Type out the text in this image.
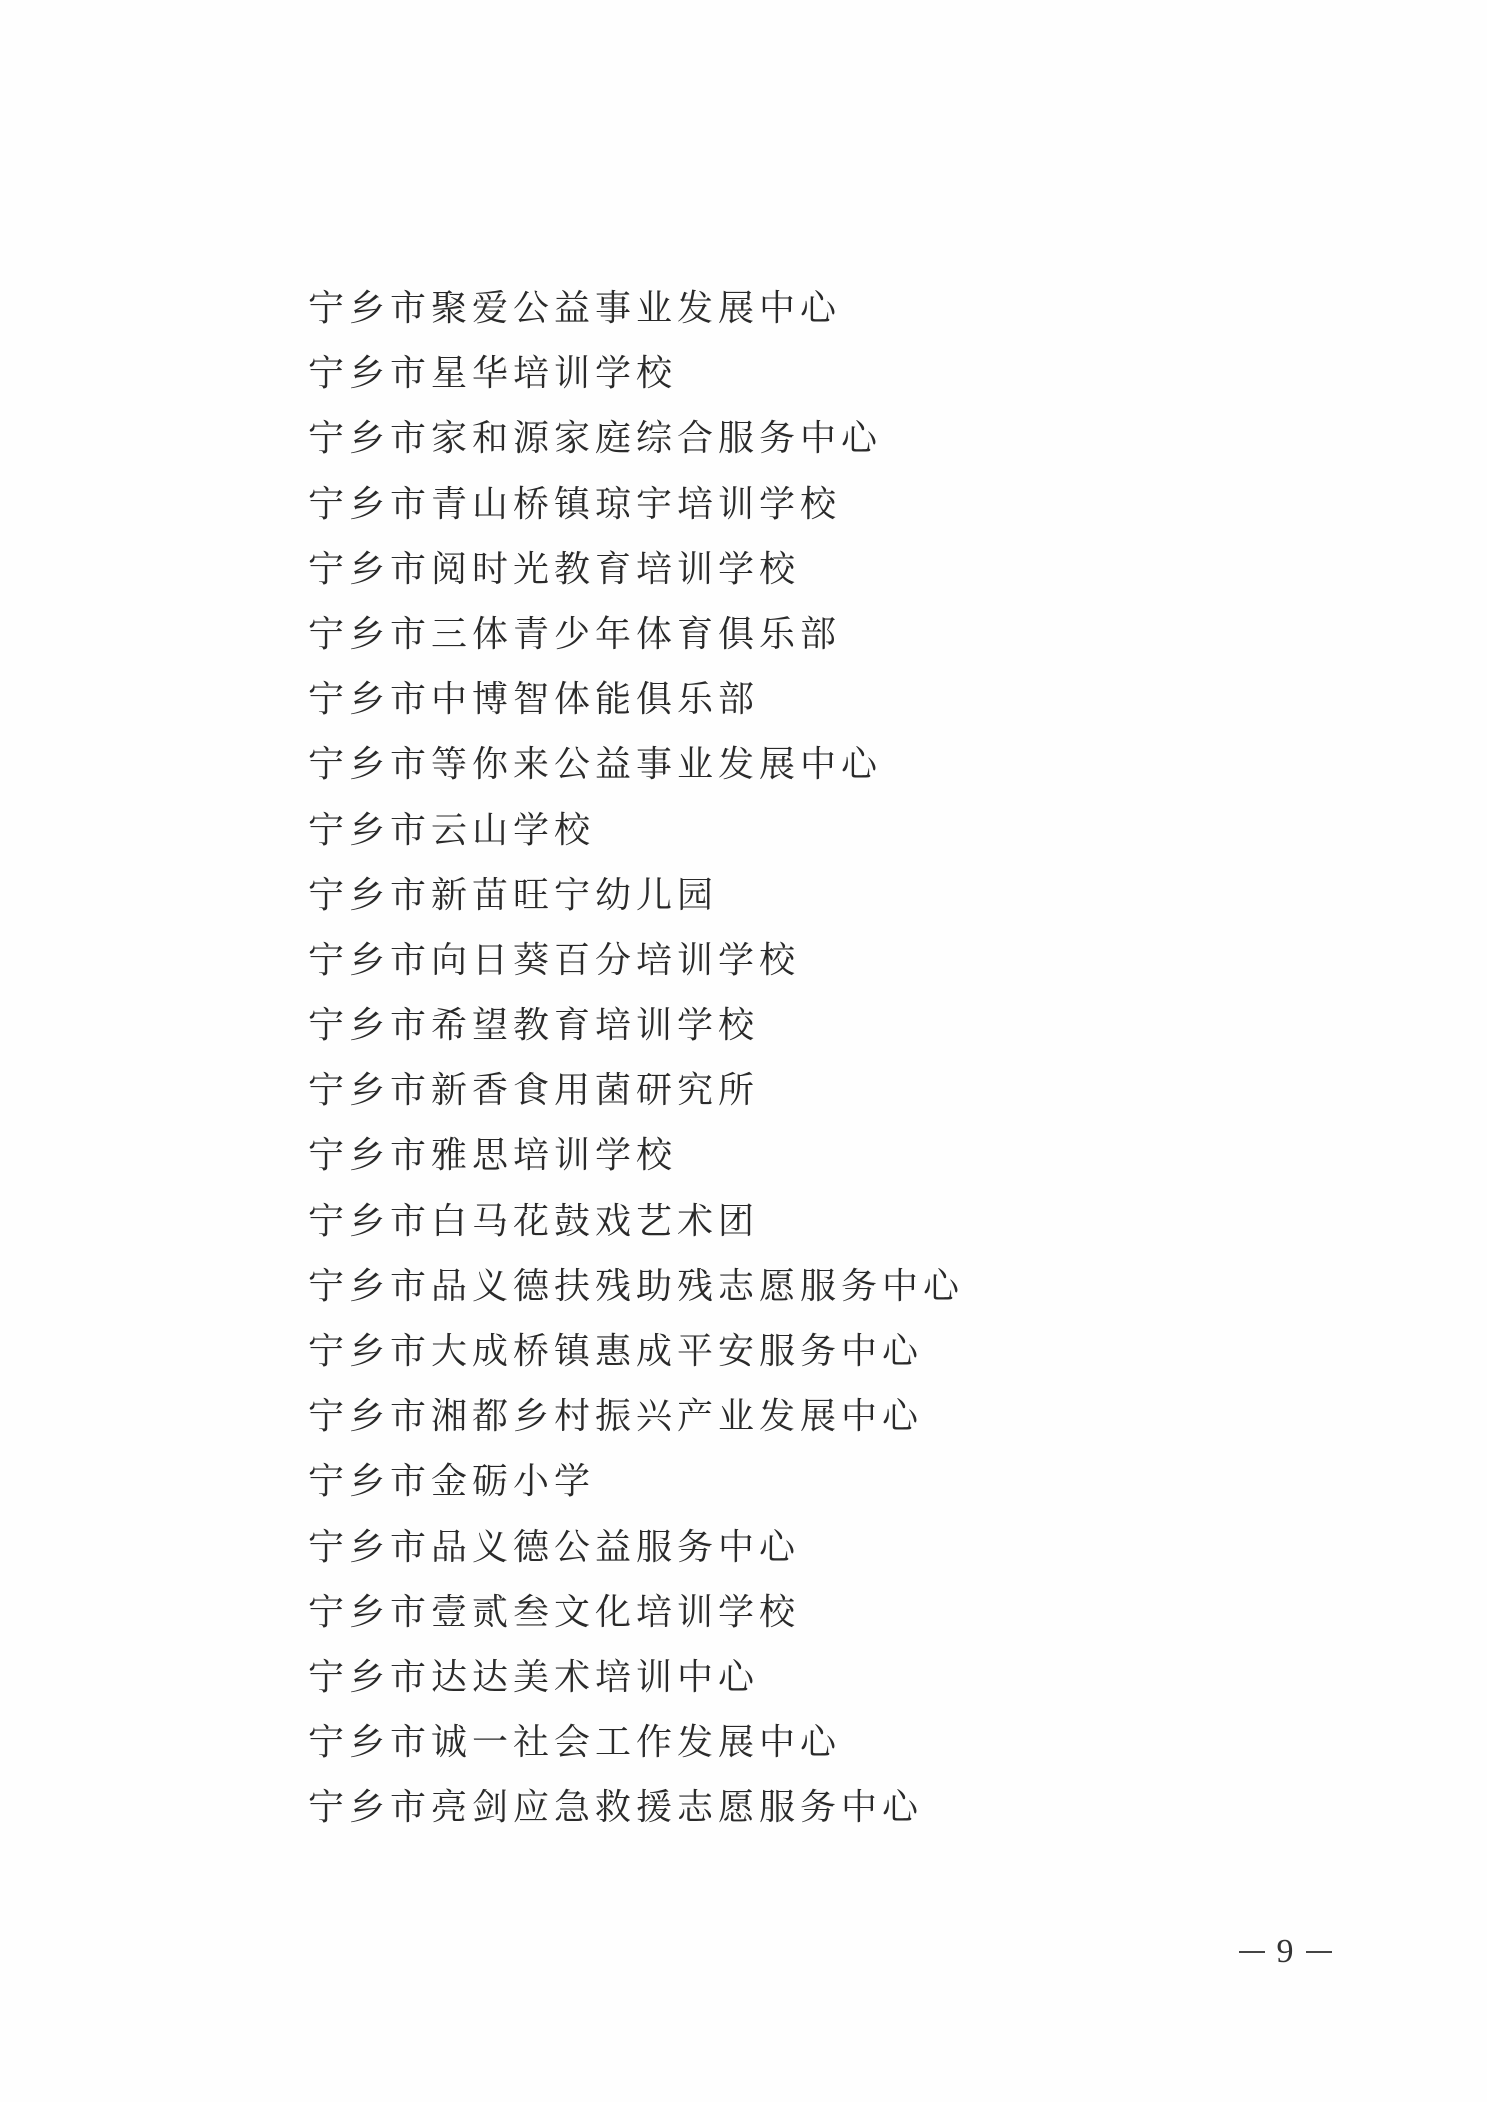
宁乡市聚爱公益事业发展中心
宁乡市星华培训学校
宁乡市家和源家庭综合服务中心
宁乡市青山桥镇琼宇培训学校
宁乡市阅时光教育培训学校
宁乡市三体青少年体育俱乐部
宁乡市中博智体能俱乐部
宁乡市等你来公益事业发展中心
宁乡市云山学校
宁乡市新苗旺宁幼儿园
宁乡市向日葵百分培训学校
宁乡市希望教育培训学校
宁乡市新香食用菌研究所
宁乡市雅思培训学校
宁乡市白马花鼓戏艺术团
宁乡市品义德扶残助残志愿服务中心
宁乡市大成桥镇惠成平安服务中心
宁乡市湘都乡村振兴产业发展中心
宁乡市金砺小学
宁乡市品义德公益服务中心
宁乡市壹贰叁文化培训学校
宁乡市达达美术培训中心
宁乡市诚一社会工作发展中心
宁乡市亮剑应急救援志愿服务中心
9
